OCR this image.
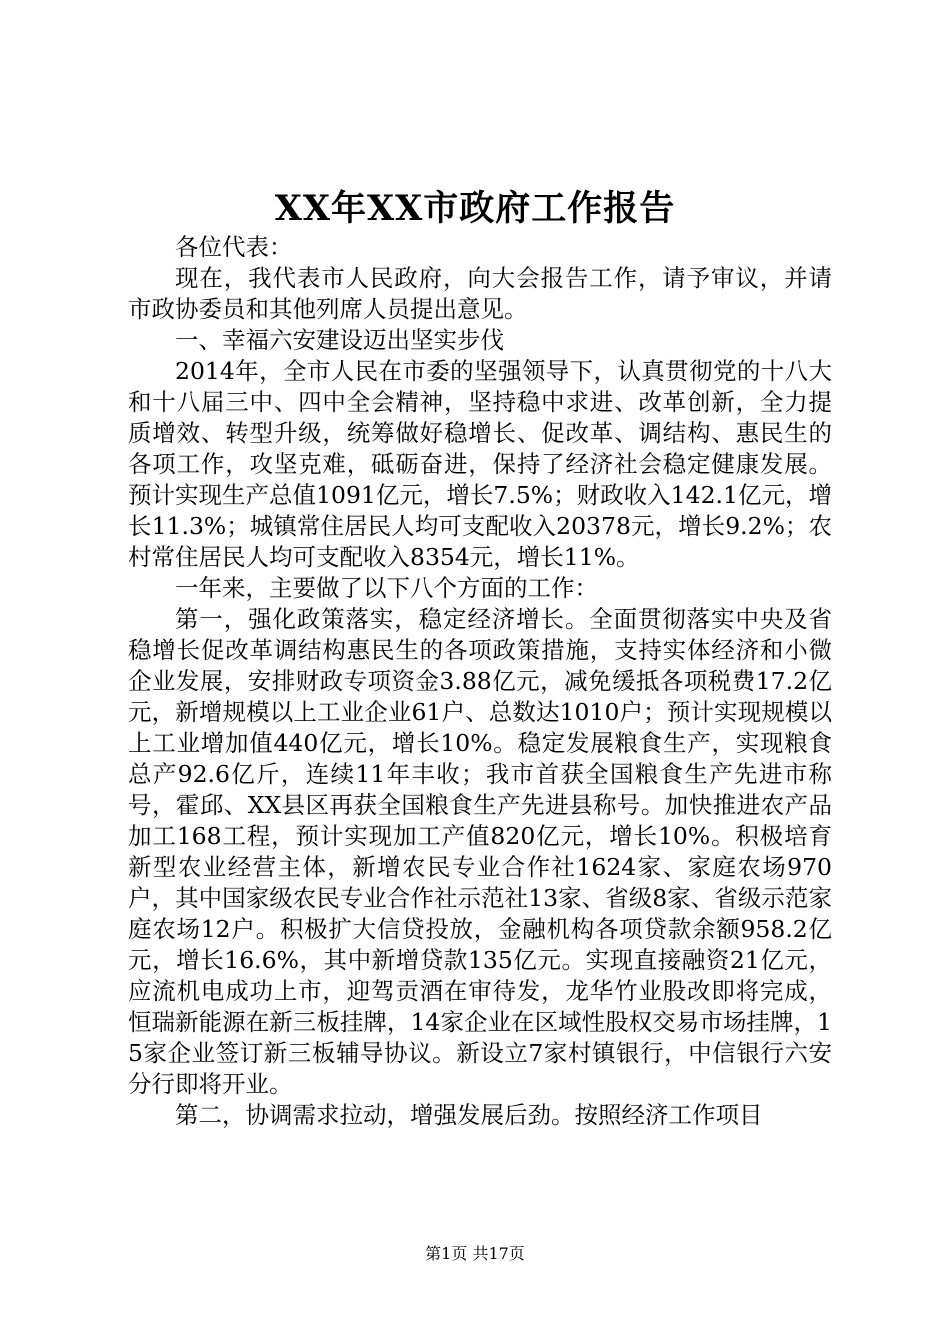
XX年XX市政府工作报告

各位代表：

现在，我代表市人民政府，向大会报告工作，请予审议，并请市政协委员和其他列席人员提出意见。

一、幸福六安建设迈出坚实步伐

2014年，全市人民在市委的坚强领导下，认真贯彻党的十八大和十八届三中、四中全会精神，坚持稳中求进、改革创新，全力提质增效、转型升级，统筹做好稳增长、促改革、调结构、惠民生的各项工作，攻坚克难，砥砺奋进，保持了经济社会稳定健康发展。预计实现生产总值1091亿元，增长7.5%；财政收入142.1亿元，增长11.3%；城镇常住居民人均可支配收入20378元，增长9.2%；农村常住居民人均可支配收入8354元，增长11%。

一年来，主要做了以下八个方面的工作：

第一，强化政策落实，稳定经济增长。全面贯彻落实中央及省稳增长促改革调结构惠民生的各项政策措施，支持实体经济和小微企业发展，安排财政专项资金3.88亿元，减免缓抵各项税费17.2亿元，新增规模以上工业企业61户、总数达1010户；预计实现规模以上工业增加值440亿元，增长10%。稳定发展粮食生产，实现粮食总产92.6亿斤，连续11年丰收；我市首获全国粮食生产先进市称号，霍邱、XX县区再获全国粮食生产先进县称号。加快推进农产品加工168工程，预计实现加工产值820亿元，增长10%。积极培育新型农业经营主体，新增农民专业合作社1624家、家庭农场970户，其中国家级农民专业合作社示范社13家、省级8家、省级示范家庭农场12户。积极扩大信贷投放，金融机构各项贷款余额958.2亿元，增长16.6%，其中新增贷款135亿元。实现直接融资21亿元，应流机电成功上市，迎驾贡酒在审待发，龙华竹业股改即将完成，恒瑞新能源在新三板挂牌，14家企业在区域性股权交易市场挂牌，15家企业签订新三板辅导协议。新设立7家村镇银行，中信银行六安分行即将开业。

第二，协调需求拉动，增强发展后劲。按照经济工作项目

第1页 共17页
